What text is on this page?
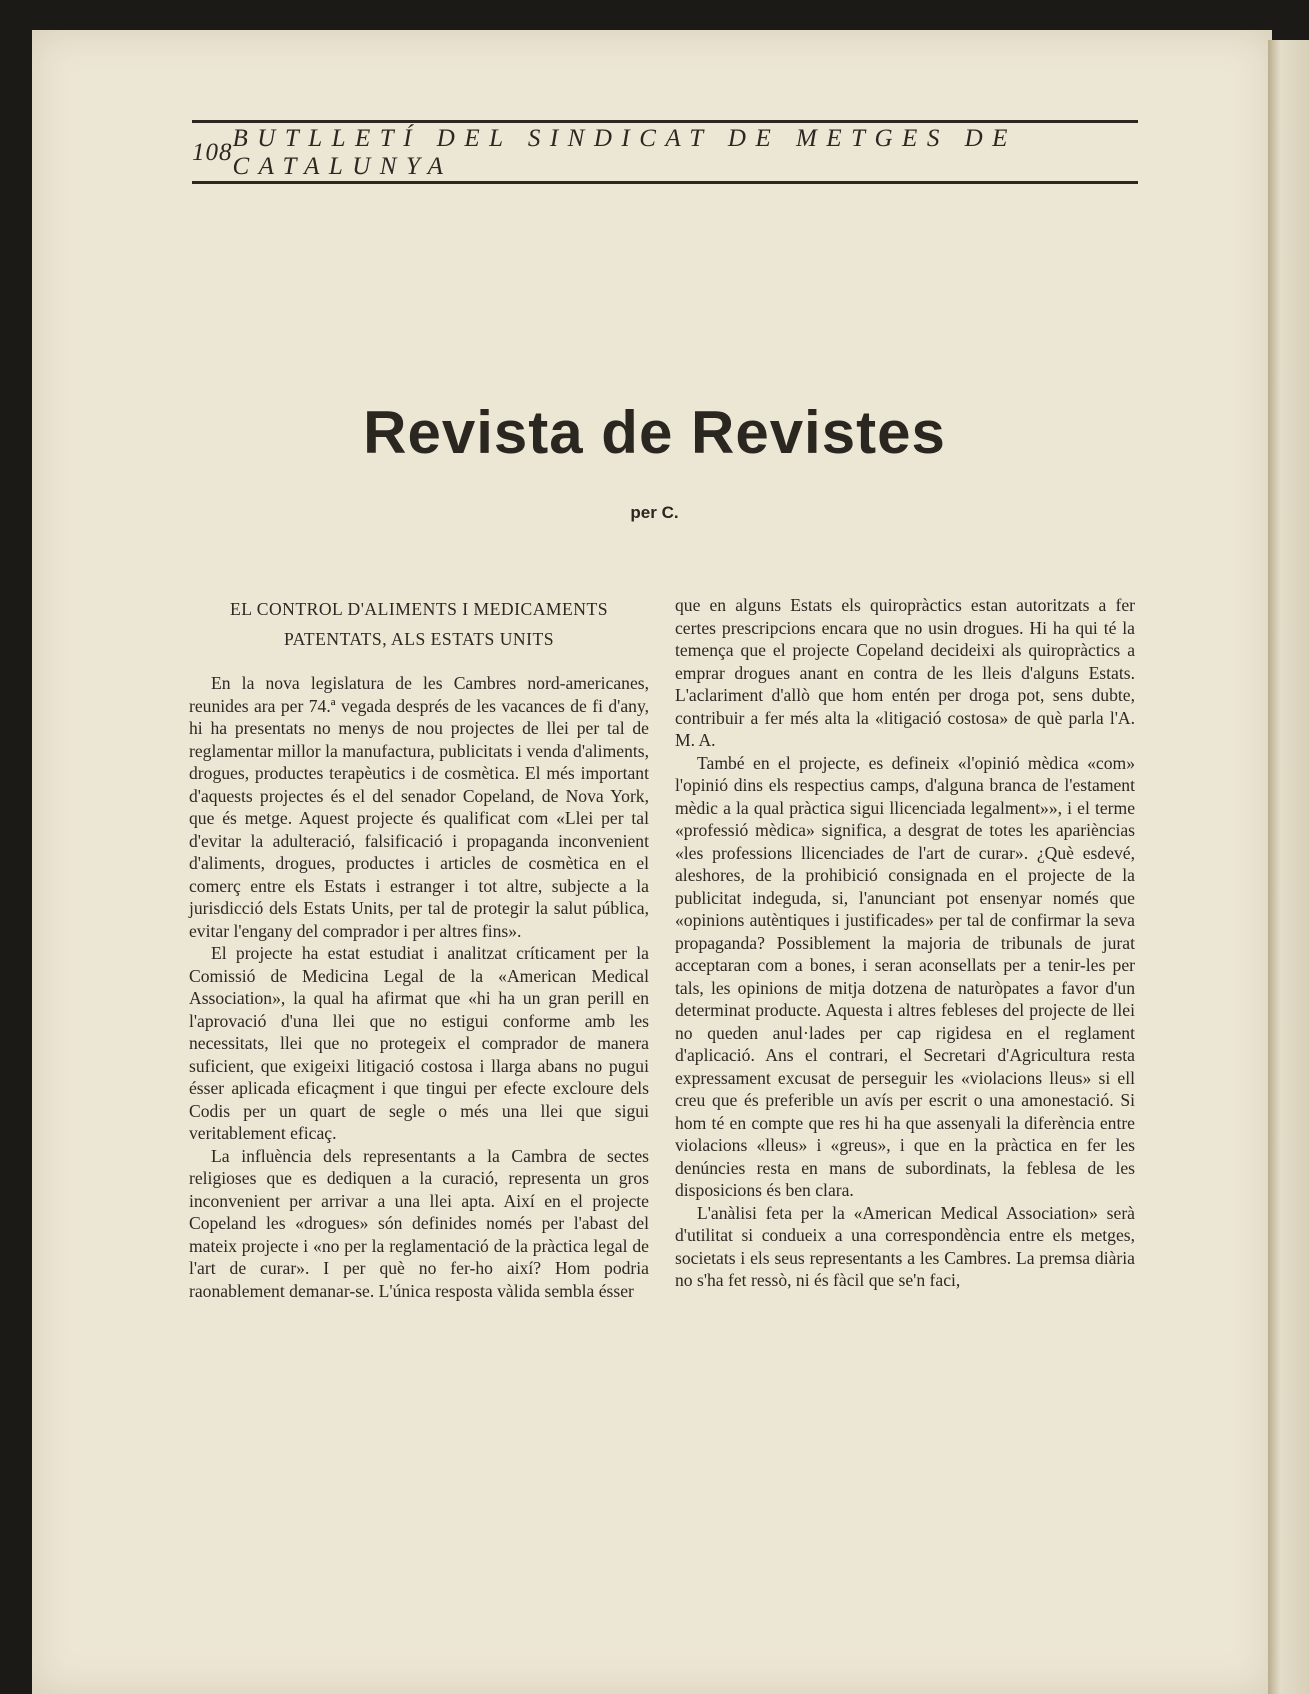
108
BUTLLETÍ DEL SINDICAT DE METGES DE CATALUNYA
Revista de Revistes
per C.
EL CONTROL D'ALIMENTS I MEDICAMENTS
PATENTATS, ALS ESTATS UNITS

En la nova legislatura de les Cambres nord-americanes, reunides ara per 74.ª vegada després de les vacances de fi d'any, hi ha presentats no menys de nou projectes de llei per tal de reglamentar millor la manufactura, publicitats i venda d'aliments, drogues, productes terapèutics i de cosmètica. El més important d'aquests projectes és el del senador Copeland, de Nova York, que és metge. Aquest projecte és qualificat com «Llei per tal d'evitar la adulteració, falsificació i propaganda inconvenient d'aliments, drogues, productes i articles de cosmètica en el comerç entre els Estats i estranger i tot altre, subjecte a la jurisdicció dels Estats Units, per tal de protegir la salut pública, evitar l'engany del comprador i per altres fins».

El projecte ha estat estudiat i analitzat críticament per la Comissió de Medicina Legal de la «American Medical Association», la qual ha afirmat que «hi ha un gran perill en l'aprovació d'una llei que no estigui conforme amb les necessitats, llei que no protegeix el comprador de manera suficient, que exigeixi litigació costosa i llarga abans no pugui ésser aplicada eficaçment i que tingui per efecte excloure dels Codis per un quart de segle o més una llei que sigui veritablement eficaç.

La influència dels representants a la Cambra de sectes religioses que es dediquen a la curació, representa un gros inconvenient per arrivar a una llei apta. Així en el projecte Copeland les «drogues» són definides només per l'abast del mateix projecte i «no per la reglamentació de la pràctica legal de l'art de curar». I per què no fer-ho així? Hom podria raonablement demanar-se. L'única resposta vàlida sembla ésser

que en alguns Estats els quiropràctics estan autoritzats a fer certes prescripcions encara que no usin drogues. Hi ha qui té la temença que el projecte Copeland decideixi als quiropràctics a emprar drogues anant en contra de les lleis d'alguns Estats. L'aclariment d'allò que hom entén per droga pot, sens dubte, contribuir a fer més alta la «litigació costosa» de què parla l'A. M. A.

També en el projecte, es defineix «l'opinió mèdica «com» l'opinió dins els respectius camps, d'alguna branca de l'estament mèdic a la qual pràctica sigui llicenciada legalment»», i el terme «professió mèdica» significa, a desgrat de totes les aparièncias «les professions llicenciades de l'art de curar». ¿Què esdevé, aleshores, de la prohibició consignada en el projecte de la publicitat indeguda, si, l'anunciant pot ensenyar només que «opinions autèntiques i justificades» per tal de confirmar la seva propaganda? Possiblement la majoria de tribunals de jurat acceptaran com a bones, i seran aconsellats per a tenir-les per tals, les opinions de mitja dotzena de naturòpates a favor d'un determinat producte. Aquesta i altres febleses del projecte de llei no queden anul·lades per cap rigidesa en el reglament d'aplicació. Ans el contrari, el Secretari d'Agricultura resta expressament excusat de perseguir les «violacions lleus» si ell creu que és preferible un avís per escrit o una amonestació. Si hom té en compte que res hi ha que assenyali la diferència entre violacions «lleus» i «greus», i que en la pràctica en fer les denúncies resta en mans de subordinats, la feblesa de les disposicions és ben clara.

L'anàlisi feta per la «American Medical Association» serà d'utilitat si condueix a una correspondència entre els metges, societats i els seus representants a les Cambres. La premsa diària no s'ha fet ressò, ni és fàcil que se'n faci,
